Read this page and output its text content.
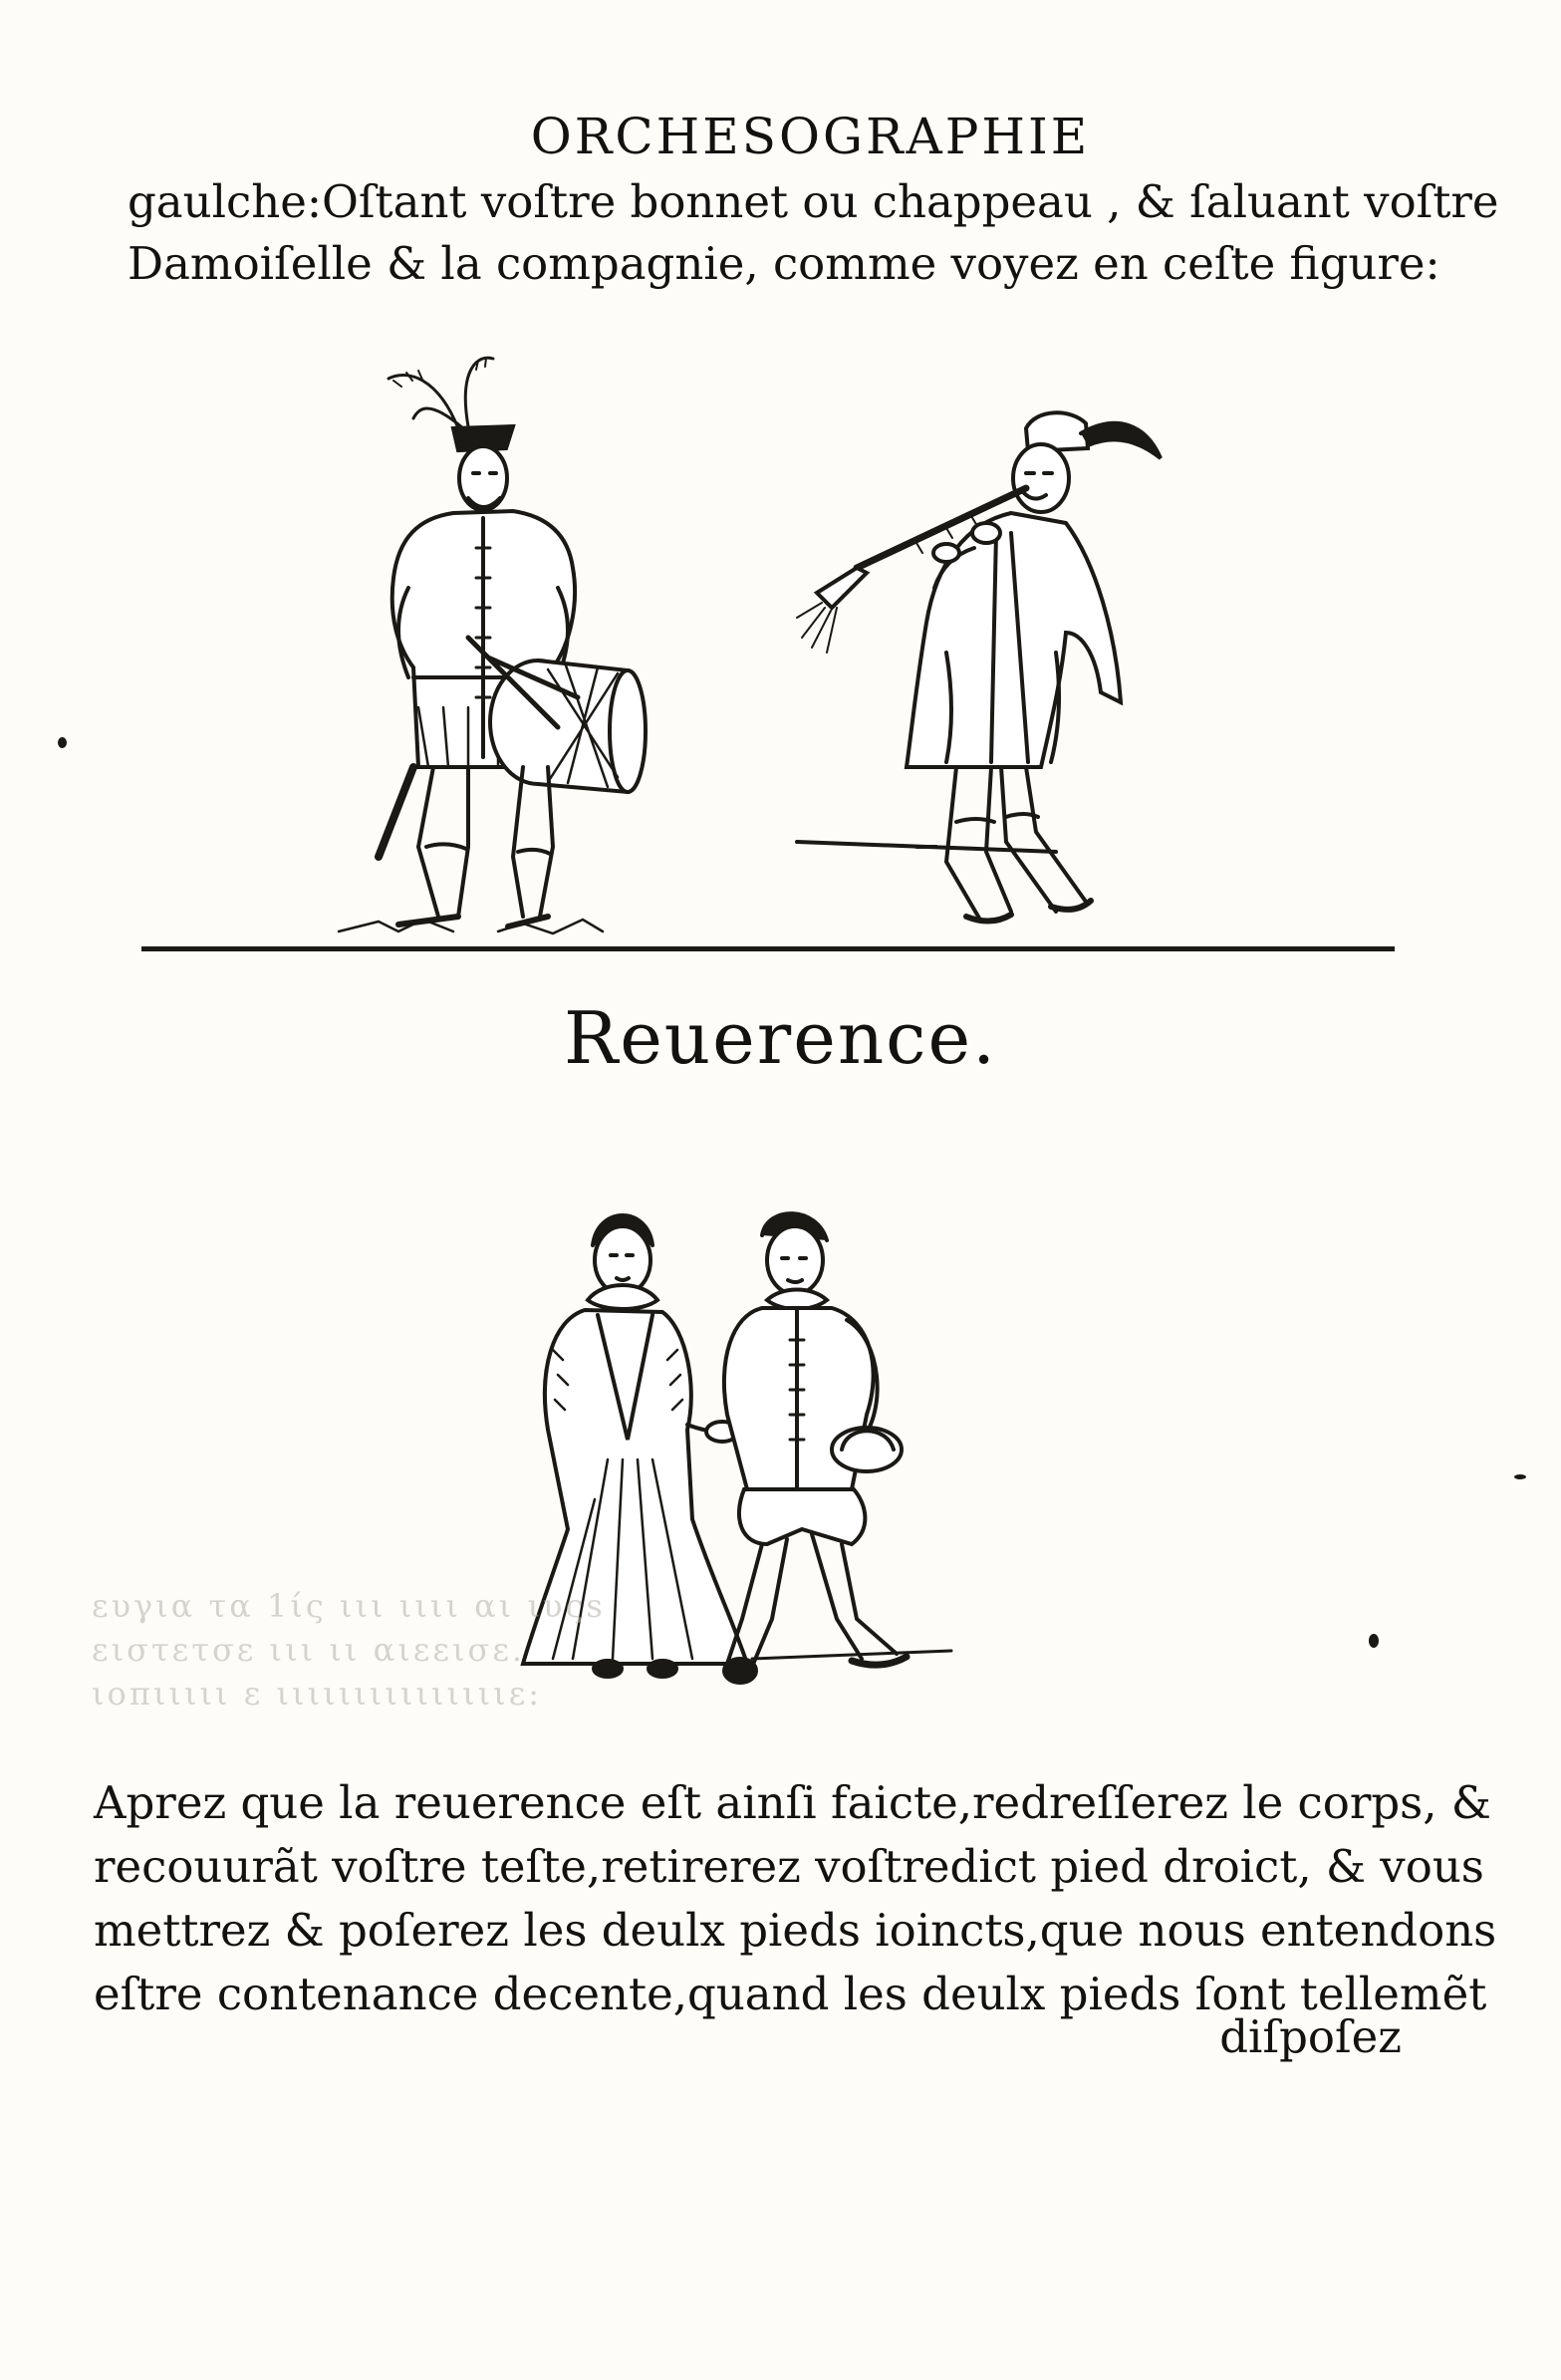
ORCHESOGRAPHIE
gaulche:Oſtant voſtre bonnet ou chappeau , & ſaluant voſtre
Damoiſelle & la compagnie, comme voyez en ceſte figure:
Reuerence.
ευγια τα 1ίς ιιι ιιιι αι ιυςs
ειστετσε ιιι ιι αιεεισε.
ιοπιιιιι ε ιιιιιιιιιιιιιιιε:
Aprez que la reuerence eſt ainſi faicte,redreſſerez le corps, &
recouurãt voſtre teſte,retirerez voſtredict pied droict, & vous
mettrez & poſerez les deulx pieds ioincts,que nous entendons
eſtre contenance decente,quand les deulx pieds ſont tellemẽt
diſpoſez
